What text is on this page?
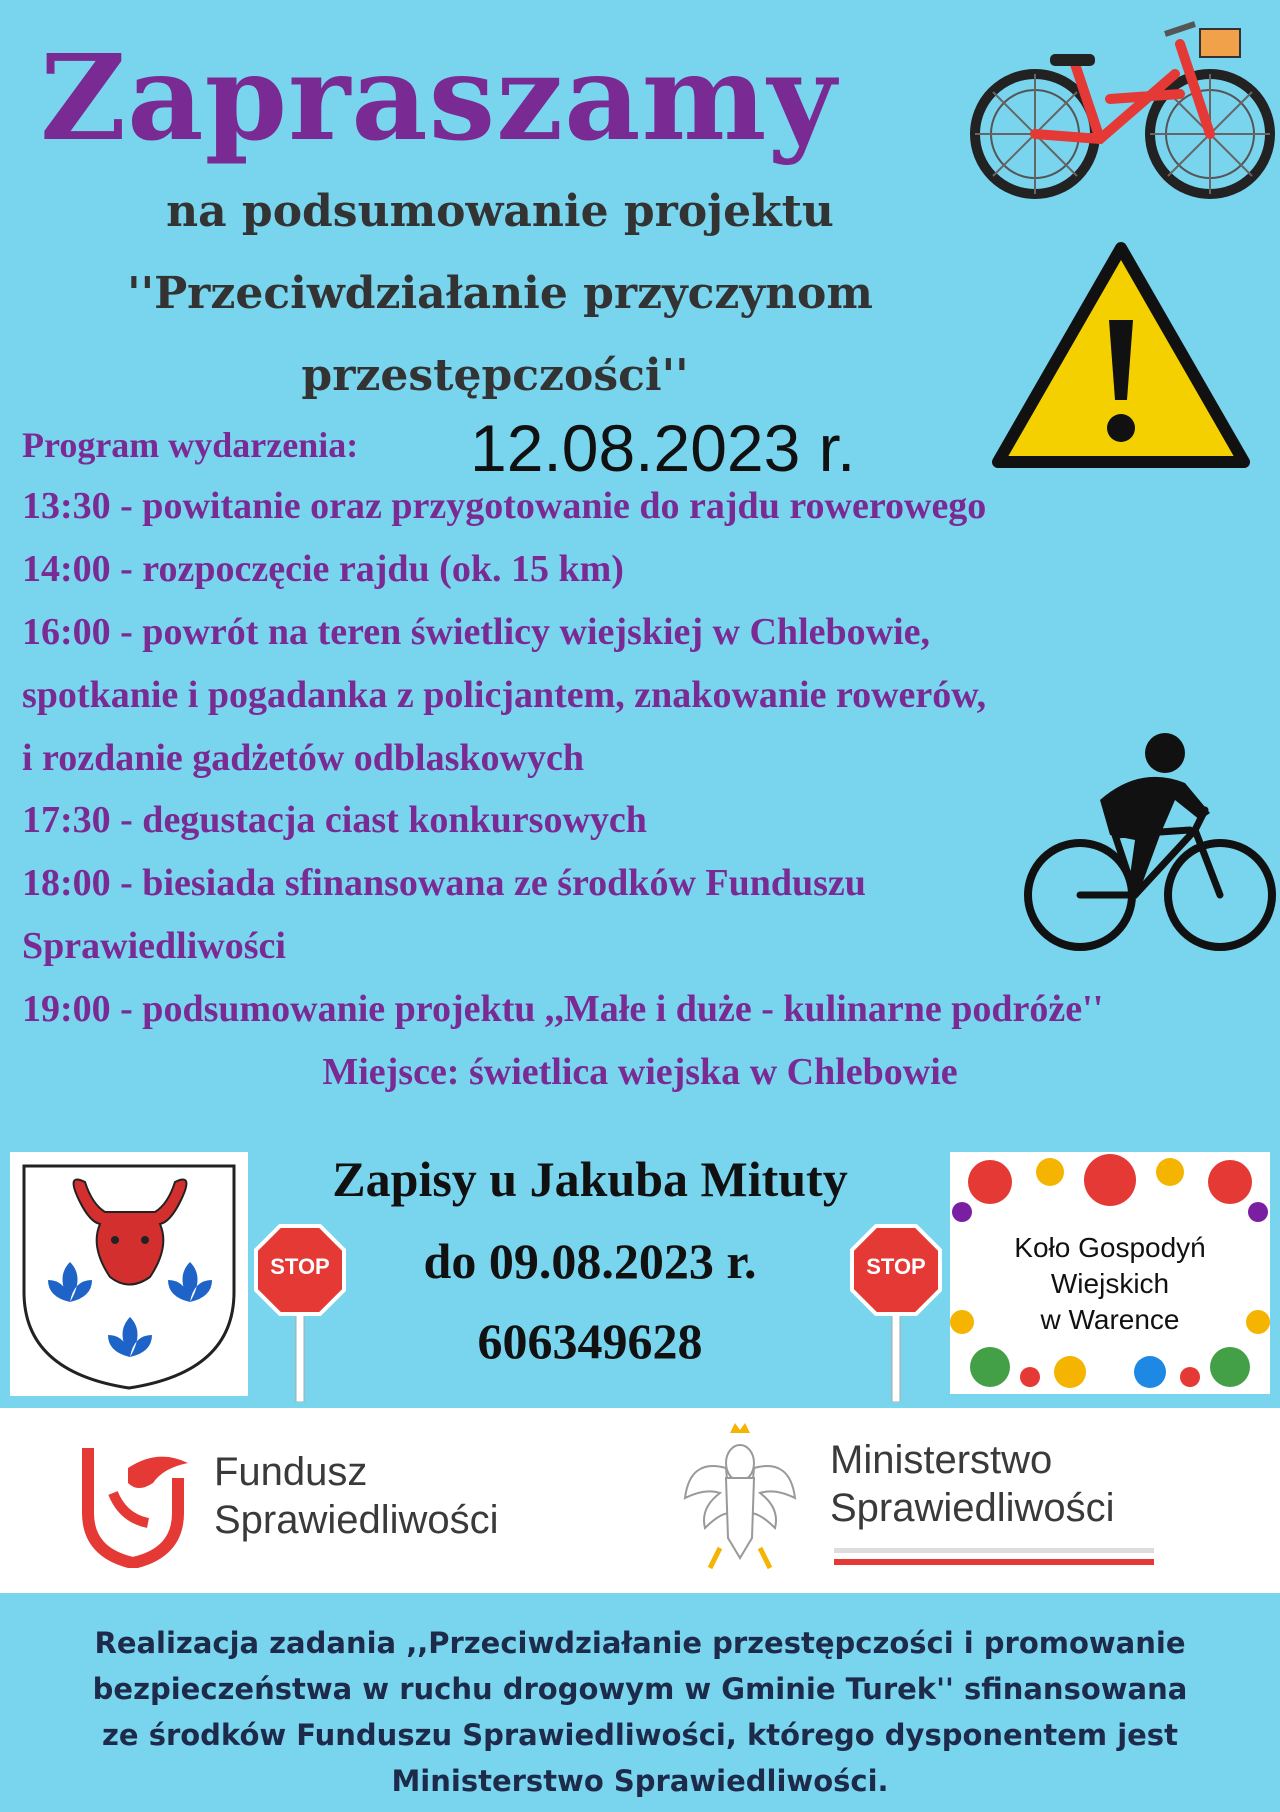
Zapraszamy
na podsumowanie projektu
''Przeciwdziałanie przyczynom
przestępczości''
Program wydarzenia: 12.08.2023 r.
13:30 - powitanie oraz przygotowanie do rajdu rowerowego
14:00 - rozpoczęcie rajdu (ok. 15 km)
16:00 - powrót na teren świetlicy wiejskiej w Chlebowie,
spotkanie i pogadanka z policjantem, znakowanie rowerów,
i rozdanie gadżetów odblaskowych
17:30 - degustacja ciast konkursowych
18:00 - biesiada sfinansowana ze środków Funduszu
Sprawiedliwości
19:00 - podsumowanie projektu ,,Małe i duże - kulinarne podróże''
Miejsce: świetlica wiejska w Chlebowie
STOP	STOP
Zapisy u Jakuba Mituty
do 09.08.2023 r.
606349628
Koło Gospodyń
Wiejskich
w Warence
Fundusz
Sprawiedliwości
Ministerstwo
Sprawiedliwości
Realizacja zadania ,,Przeciwdziałanie przestępczości i promowanie
bezpieczeństwa w ruchu drogowym w Gminie Turek'' sfinansowana
ze środków Funduszu Sprawiedliwości, którego dysponentem jest
Ministerstwo Sprawiedliwości.
